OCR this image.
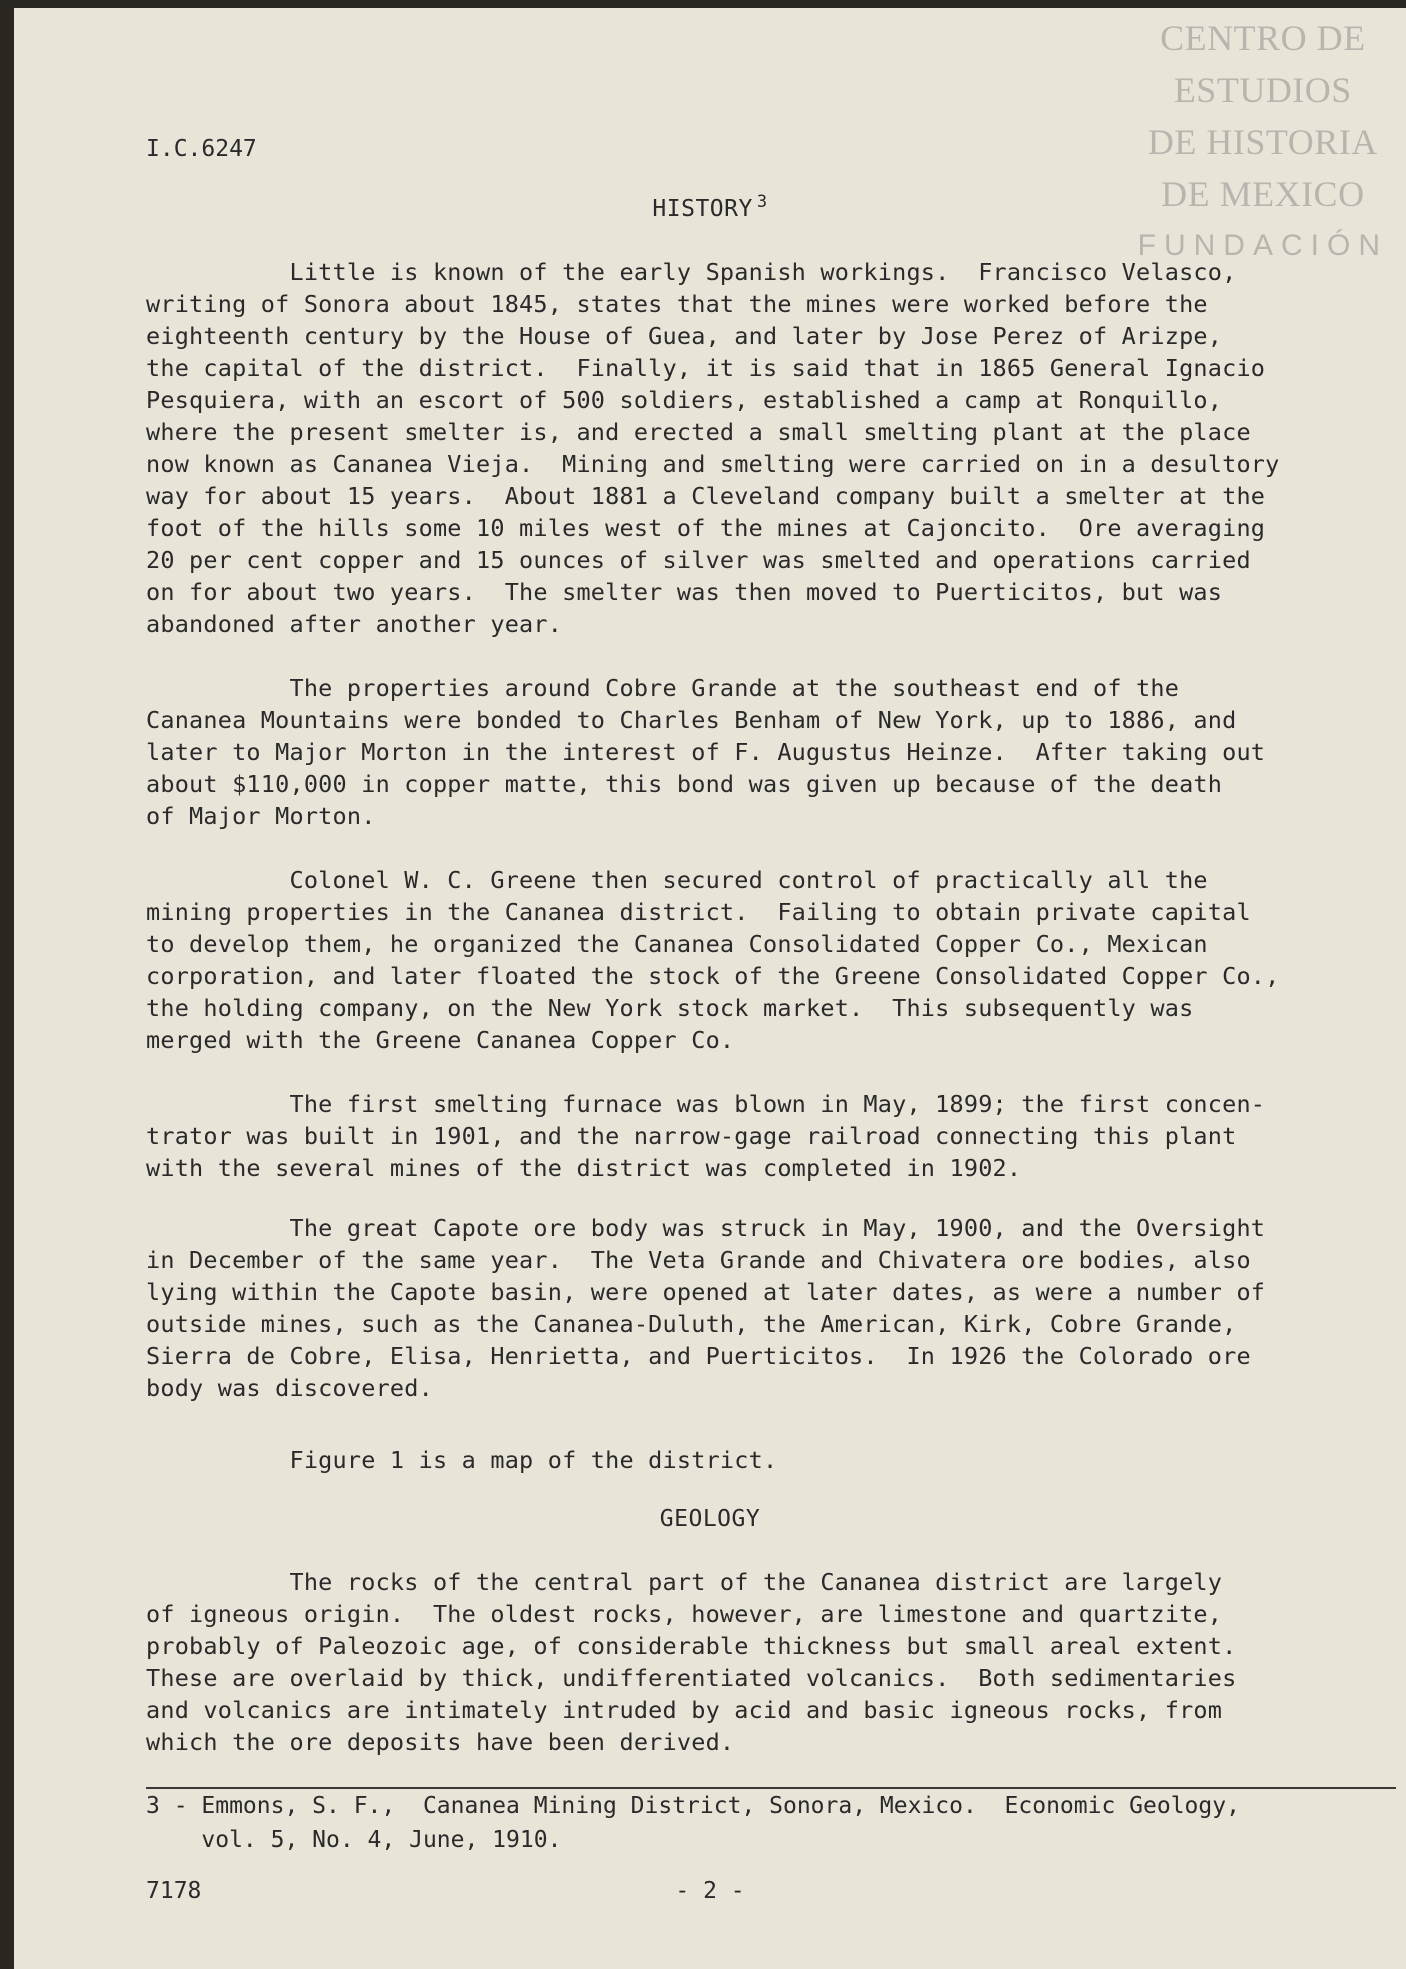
CENTRO DE
ESTUDIOS
DE HISTORIA
DE MEXICO
FUNDACIÓN
I.C.6247
HISTORY $^3$

Little is known of the early Spanish workings.  Francisco Velasco,
writing of Sonora about 1845, states that the mines were worked before the
eighteenth century by the House of Guea, and later by Jose Perez of Arizpe,
the capital of the district.  Finally, it is said that in 1865 General Ignacio
Pesquiera, with an escort of 500 soldiers, established a camp at Ronquillo,
where the present smelter is, and erected a small smelting plant at the place
now known as Cananea Vieja.  Mining and smelting were carried on in a desultory
way for about 15 years.  About 1881 a Cleveland company built a smelter at the
foot of the hills some 10 miles west of the mines at Cajoncito.  Ore averaging
20 per cent copper and 15 ounces of silver was smelted and operations carried
on for about two years.  The smelter was then moved to Puerticitos, but was
abandoned after another year.

The properties around Cobre Grande at the southeast end of the
Cananea Mountains were bonded to Charles Benham of New York, up to 1886, and
later to Major Morton in the interest of F. Augustus Heinze.  After taking out
about $110,000 in copper matte, this bond was given up because of the death
of Major Morton.

Colonel W. C. Greene then secured control of practically all the
mining properties in the Cananea district.  Failing to obtain private capital
to develop them, he organized the Cananea Consolidated Copper Co., Mexican
corporation, and later floated the stock of the Greene Consolidated Copper Co.,
the holding company, on the New York stock market.  This subsequently was
merged with the Greene Cananea Copper Co.

The first smelting furnace was blown in May, 1899; the first concen-
trator was built in 1901, and the narrow-gage railroad connecting this plant
with the several mines of the district was completed in 1902.

The great Capote ore body was struck in May, 1900, and the Oversight
in December of the same year.  The Veta Grande and Chivatera ore bodies, also
lying within the Capote basin, were opened at later dates, as were a number of
outside mines, such as the Cananea-Duluth, the American, Kirk, Cobre Grande,
Sierra de Cobre, Elisa, Henrietta, and Puerticitos.  In 1926 the Colorado ore
body was discovered.

Figure 1 is a map of the district.

GEOLOGY

The rocks of the central part of the Cananea district are largely
of igneous origin.  The oldest rocks, however, are limestone and quartzite,
probably of Paleozoic age, of considerable thickness but small areal extent.
These are overlaid by thick, undifferentiated volcanics.  Both sedimentaries
and volcanics are intimately intruded by acid and basic igneous rocks, from
which the ore deposits have been derived.

3 - Emmons, S. F.,  Cananea Mining District, Sonora, Mexico.  Economic Geology,
vol. 5, No. 4, June, 1910.

7178	- 2 -
